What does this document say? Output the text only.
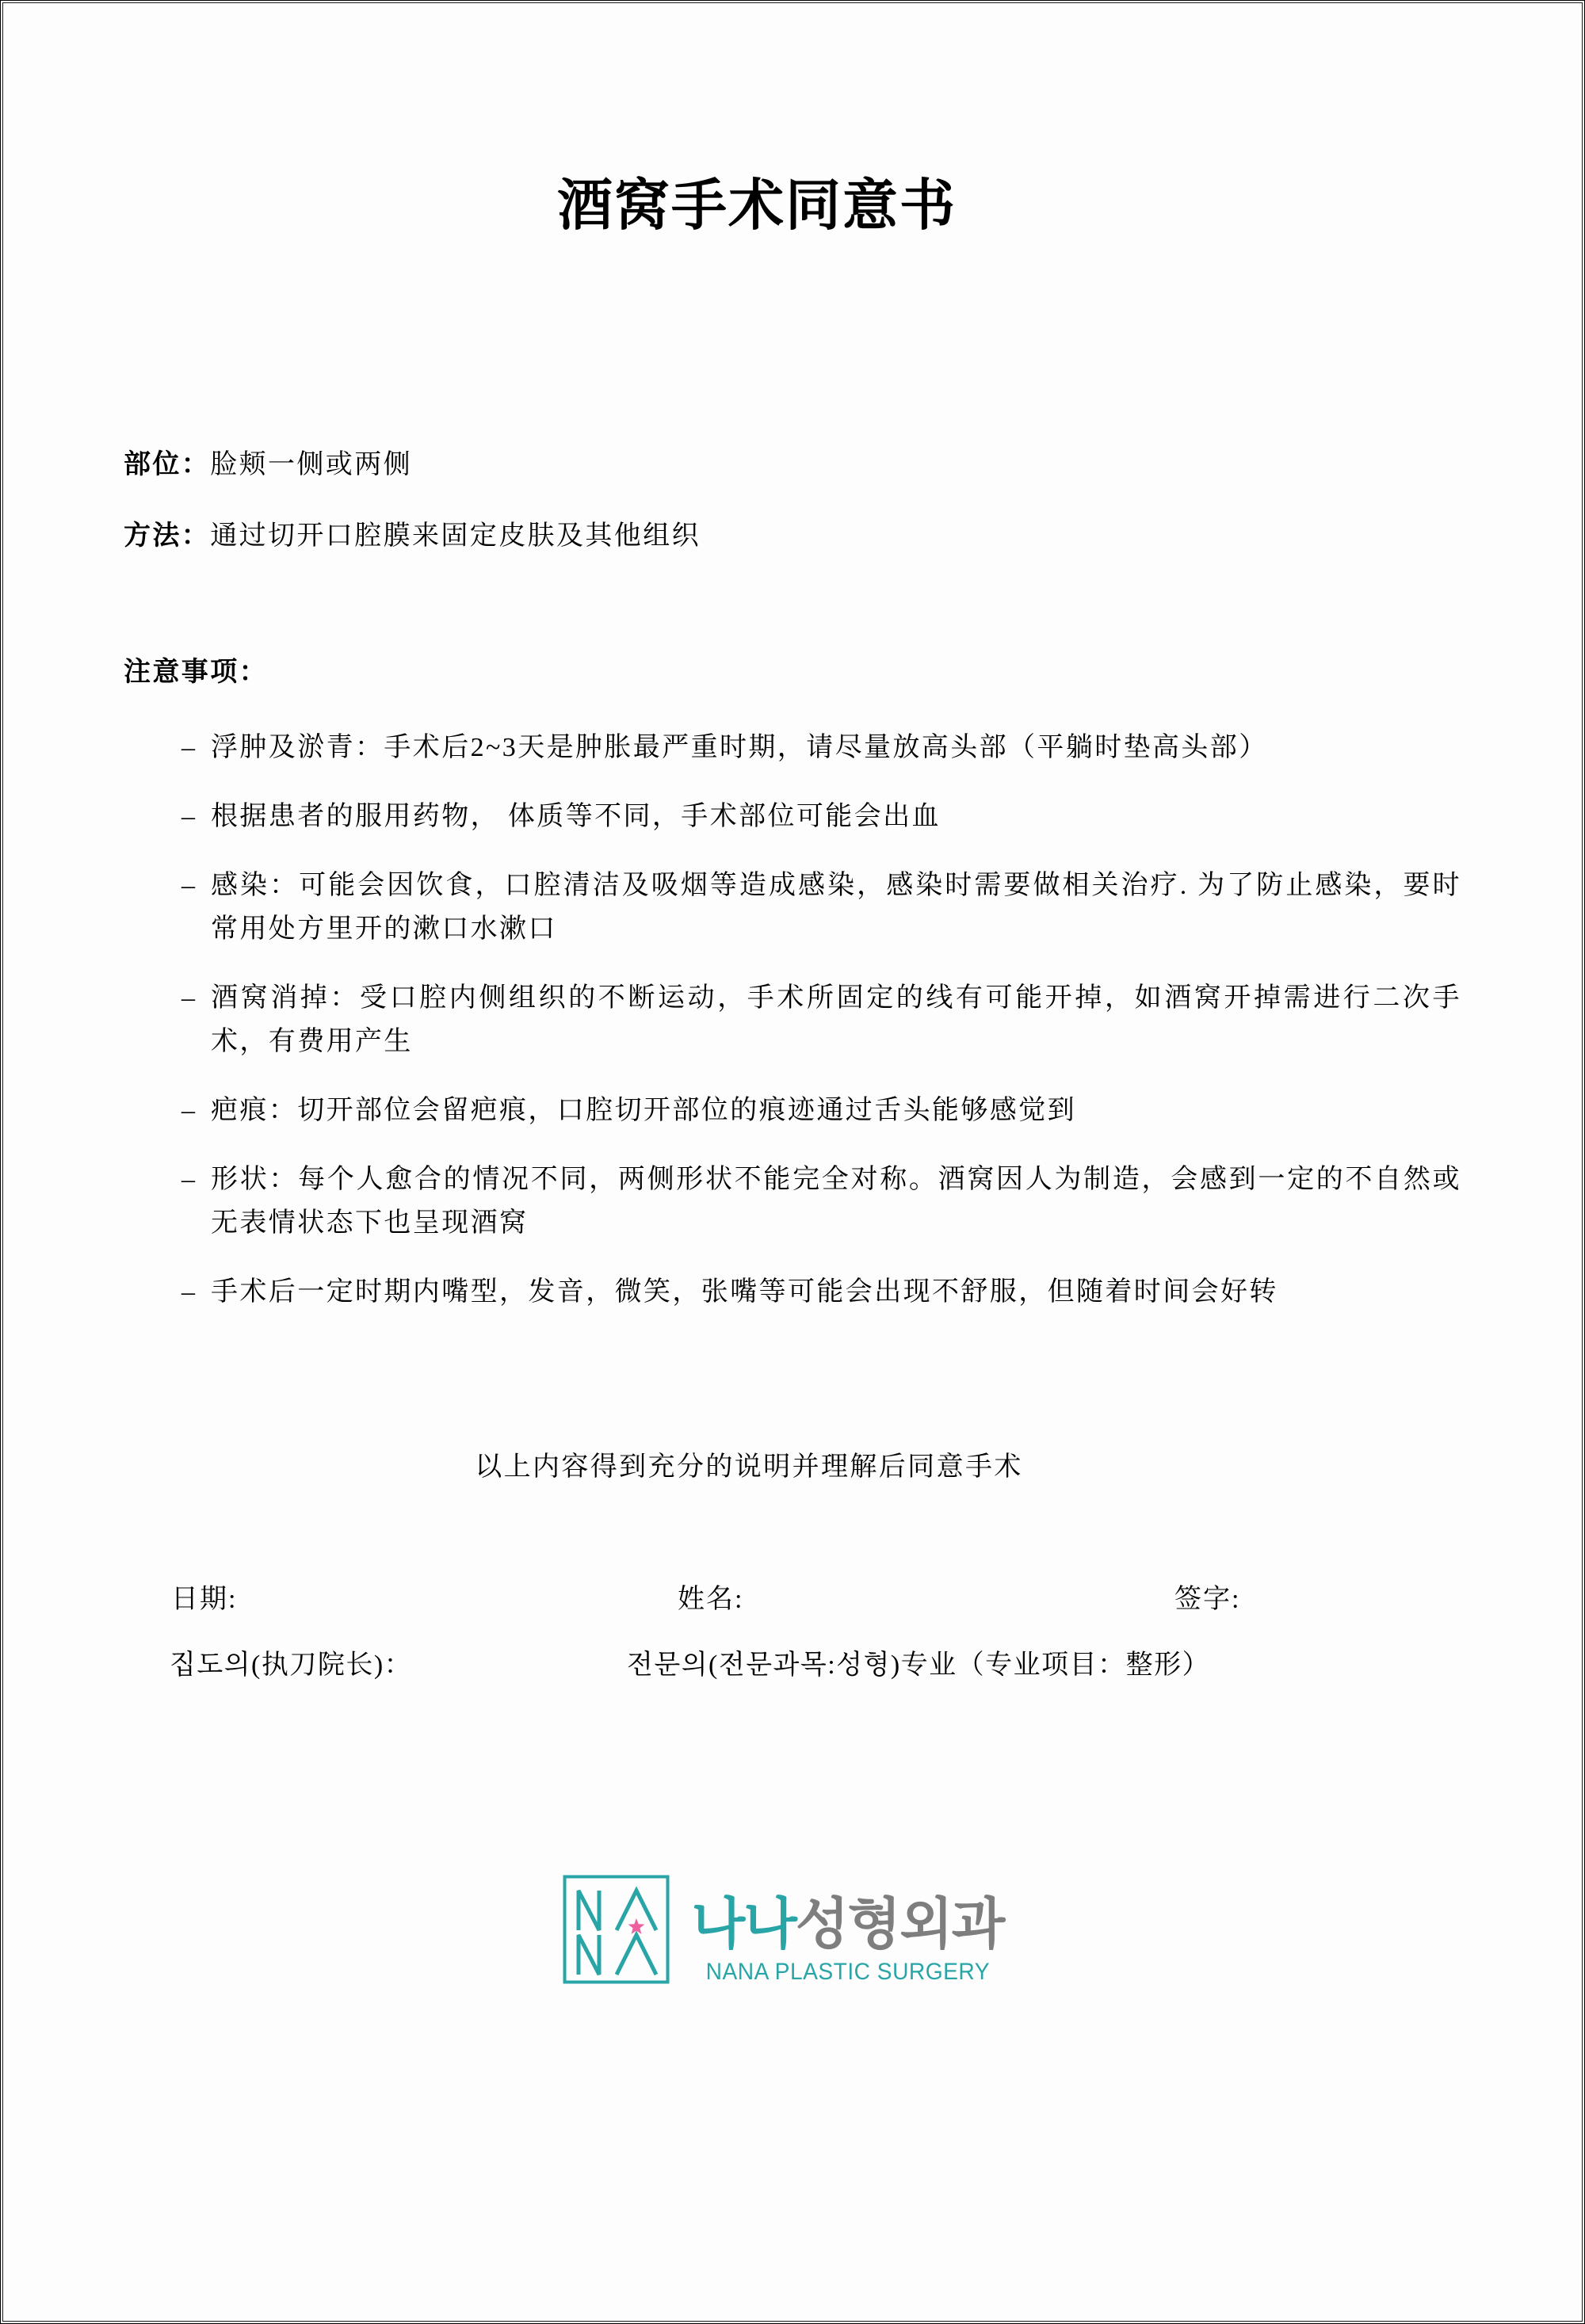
酒窝手术同意书

部位：脸颊一侧或两侧

方法：通过切开口腔膜来固定皮肤及其他组织

注意事项：
– 浮肿及淤青：手术后2~3天是肿胀最严重时期，请尽量放高头部（平躺时垫高头部）
– 根据患者的服用药物， 体质等不同，手术部位可能会出血
– 感染：可能会因饮食，口腔清洁及吸烟等造成感染，感染时需要做相关治疗. 为了防止感染，要时常用处方里开的漱口水漱口
– 酒窝消掉：受口腔内侧组织的不断运动，手术所固定的线有可能开掉，如酒窝开掉需进行二次手术，有费用产生
– 疤痕：切开部位会留疤痕，口腔切开部位的痕迹通过舌头能够感觉到
– 形状：每个人愈合的情况不同，两侧形状不能完全对称。酒窝因人为制造，会感到一定的不自然或无表情状态下也呈现酒窝
– 手术后一定时期内嘴型，发音，微笑，张嘴等可能会出现不舒服，但随着时间会好转

以上内容得到充分的说明并理解后同意手术

日期:	姓名:	签字:
집도의(执刀院长)：	전문의(전문과목:성형)专业（专业项目：整形）
나나성형외과
NANA PLASTIC SURGERY
